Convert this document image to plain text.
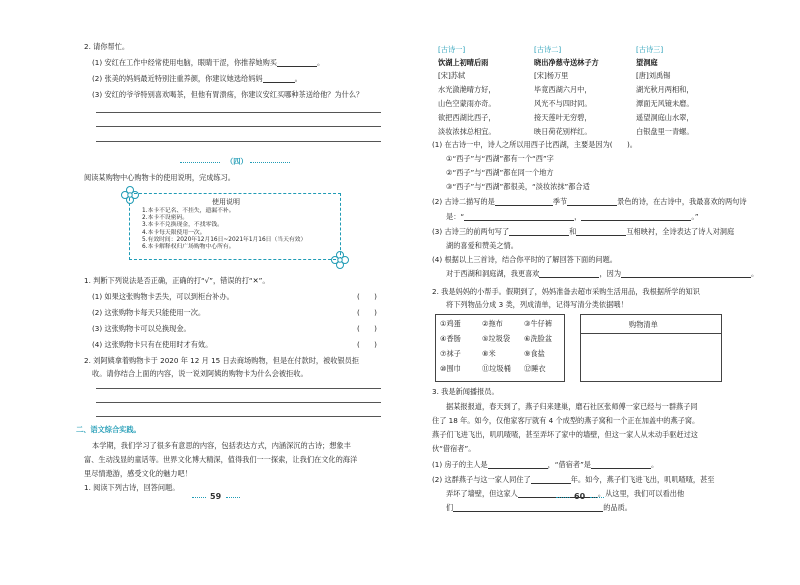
2. 请你帮忙。
(1) 安红在工作中经常使用电脑，眼睛干涩，你推荐她购买	。
(2) 张美的妈妈最近特别注重养颜，你建议她选给妈妈	。
(3) 安红的爷爷特别喜欢喝茶，但他有胃溃疡，你建议安红买哪种茶送给他？为什么？
（四）
阅读某购物中心购物卡的使用说明，完成练习。
使用说明
1.本卡不记名、不挂失，遗漏不补。
2.本卡不设密码。
3.本卡不兑换现金，不找零钱。
4.本卡每天限使用一次。
5.有效时间：2020年12月16日~2021年1月16日（当天有效）
6.本卡解释权归广场购物中心所有。
1. 判断下列说法是否正确，正确的打“√”，错误的打“✕”。
(1) 如果这张购物卡丢失，可以到柜台补办。	(　　)
(2) 这张购物卡每天只能使用一次。	(　　)
(3) 这张购物卡可以兑换现金。	(　　)
(4) 这张购物卡只有在使用时才有效。	(　　)
2. 刘阿姨拿着购物卡于 2020 年 12 月 15 日去商场购物，但是在付款时，被收银员拒
收。请你结合上面的内容，说一说刘阿姨的购物卡为什么会被拒收。
二、语文综合实践。
本学期，我们学习了很多有意思的内容，包括表达方式，内涵深沉的古诗；想象丰
富、生动浅显的童话等。世界文化博大精深，值得我们一一探索，让我们在文化的海洋
里尽情遨游，感受文化的魅力吧！
1. 阅读下列古诗，回答问题。
59
[古诗一]
饮湖上初晴后雨
[宋]苏轼
水光潋滟晴方好，
山色空蒙雨亦奇。
欲把西湖比西子，
淡妆浓抹总相宜。
[古诗二]
晓出净慈寺送林子方
[宋]杨万里
毕竟西湖六月中，
风光不与四时同。
接天莲叶无穷碧，
映日荷花别样红。
[古诗三]
望洞庭
[唐]刘禹锡
湖光秋月两相和，
潭面无风镜未磨。
遥望洞庭山水翠，
白银盘里一青螺。
(1) 在古诗一中，诗人之所以用西子比西湖，主要是因为(　　)。
①“西子”与“西湖”都有一个“西”字
②“西子”与“西湖”都在同一个地方
③“西子”与“西湖”都很美，“淡妆浓抹”都合适
(2) 古诗二描写的是	季节	景色的诗，在古诗中，我最喜欢的两句诗
是：“	，	。”
(3) 古诗三的前两句写了	和	互相映衬，全诗表达了诗人对洞庭
湖的喜爱和赞美之情。
(4) 根据以上三首诗，结合你平时的了解回答下面的问题。
对于西湖和洞庭湖，我更喜欢	，因为	。
2. 我是妈妈的小帮手。假期到了，妈妈准备去超市采购生活用品，我根据所学的知识
将下列物品分成 3 类，列成清单，记得写清分类依据哦！
①鸡蛋	②拖布	③牛仔裤
④香肠	⑤垃圾袋 ⑥洗脸盆
⑦袜子	⑧米	⑨食盐
⑩围巾	⑪垃圾桶 ⑫睡衣
购物清单
3. 我是新闻播报员。
据某报报道，春天到了，燕子归来建巢，磨石社区张师傅一家已经与一群燕子同
住了 18 年。如今，仅他家客厅就有 4 个成型的燕子窝和一个正在加盖中的燕子窝。
燕子们飞进飞出，叽叽喳喳，甚至弄坏了家中的墙壁，但这一家人从未动手驱赶过这
伙“借宿者”。
(1) 房子的主人是	，“借宿者”是	。
(2) 这群燕子与这一家人同住了	年。如今，燕子们飞进飞出，叽叽喳喳，甚至
弄坏了墙壁，但这家人	。从这里，我们可以看出他
们	的品质。
60
